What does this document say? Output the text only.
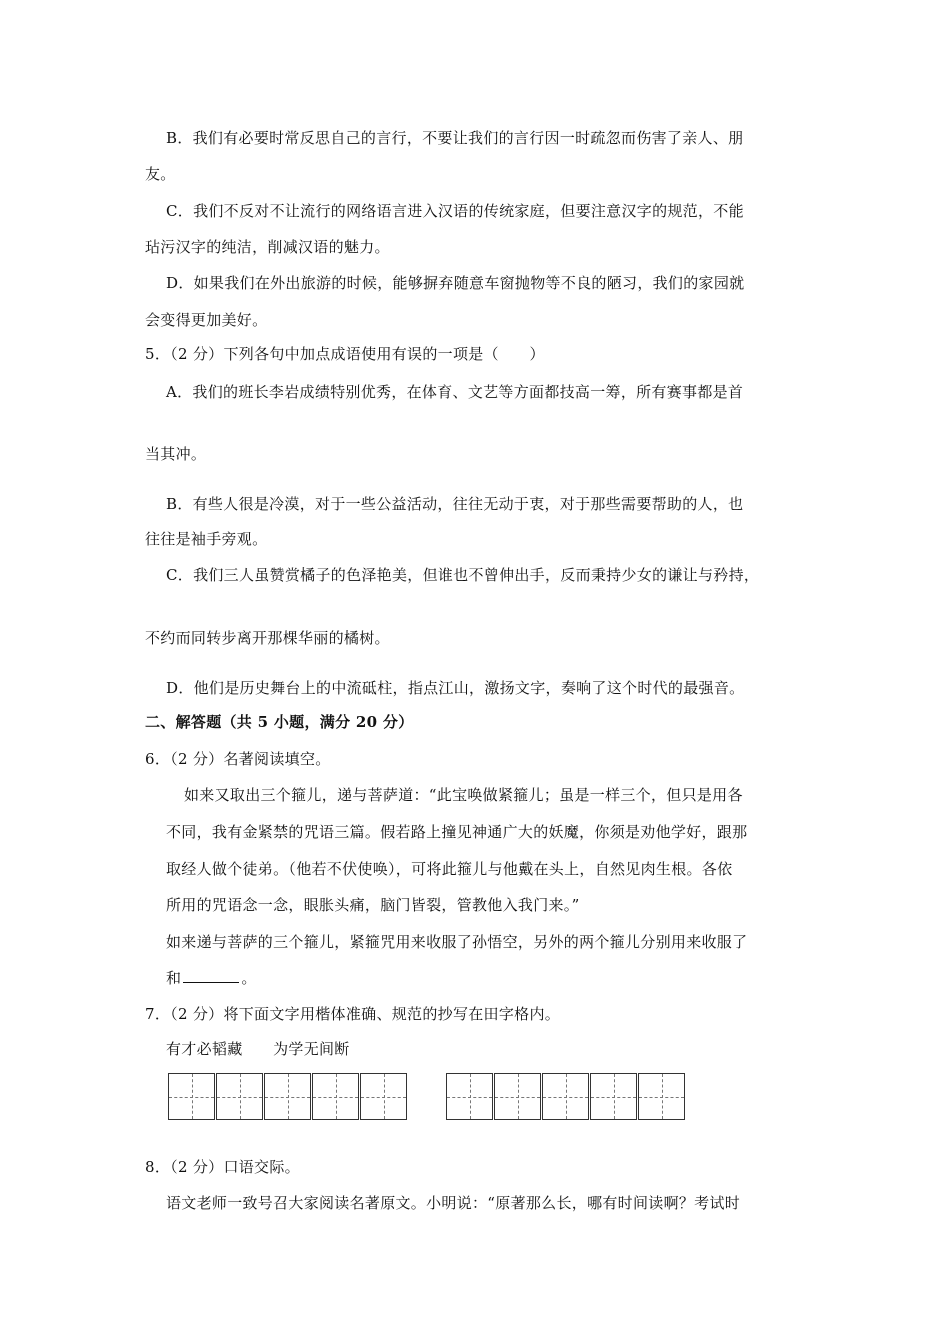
B．我们有必要时常反思自己的言行，不要让我们的言行因一时疏忽而伤害了亲人、朋
友。
C．我们不反对不让流行的网络语言进入汉语的传统家庭，但要注意汉字的规范，不能
玷污汉字的纯洁，削减汉语的魅力。
D．如果我们在外出旅游的时候，能够摒弃随意车窗抛物等不良的陋习，我们的家园就
会变得更加美好。
5．（2 分）下列各句中加点成语使用有误的一项是（　　）
A．我们的班长李岩成绩特别优秀，在体育、文艺等方面都技高一筹，所有赛事都是首
当其冲。
B．有些人很是冷漠，对于一些公益活动，往往无动于衷，对于那些需要帮助的人，也
往往是袖手旁观。
C．我们三人虽赞赏橘子的色泽艳美，但谁也不曾伸出手，反而秉持少女的谦让与矜持，
不约而同转步离开那棵华丽的橘树。
D．他们是历史舞台上的中流砥柱，指点江山，激扬文字，奏响了这个时代的最强音。
二、解答题（共 5 小题，满分 20 分）
6．（2 分）名著阅读填空。
如来又取出三个箍儿，递与菩萨道：“此宝唤做紧箍儿；虽是一样三个，但只是用各
不同，我有金紧禁的咒语三篇。假若路上撞见神通广大的妖魔，你须是劝他学好，跟那
取经人做个徒弟。（他若不伏使唤），可将此箍儿与他戴在头上，自然见肉生根。各依
所用的咒语念一念，眼胀头痛，脑门皆裂，管教他入我门来。”
如来递与菩萨的三个箍儿，紧箍咒用来收服了孙悟空，另外的两个箍儿分别用来收服了
和	。
7．（2 分）将下面文字用楷体准确、规范的抄写在田字格内。
有才必韬藏　　为学无间断
8．（2 分）口语交际。
语文老师一致号召大家阅读名著原文。小明说：“原著那么长，哪有时间读啊？考试时
